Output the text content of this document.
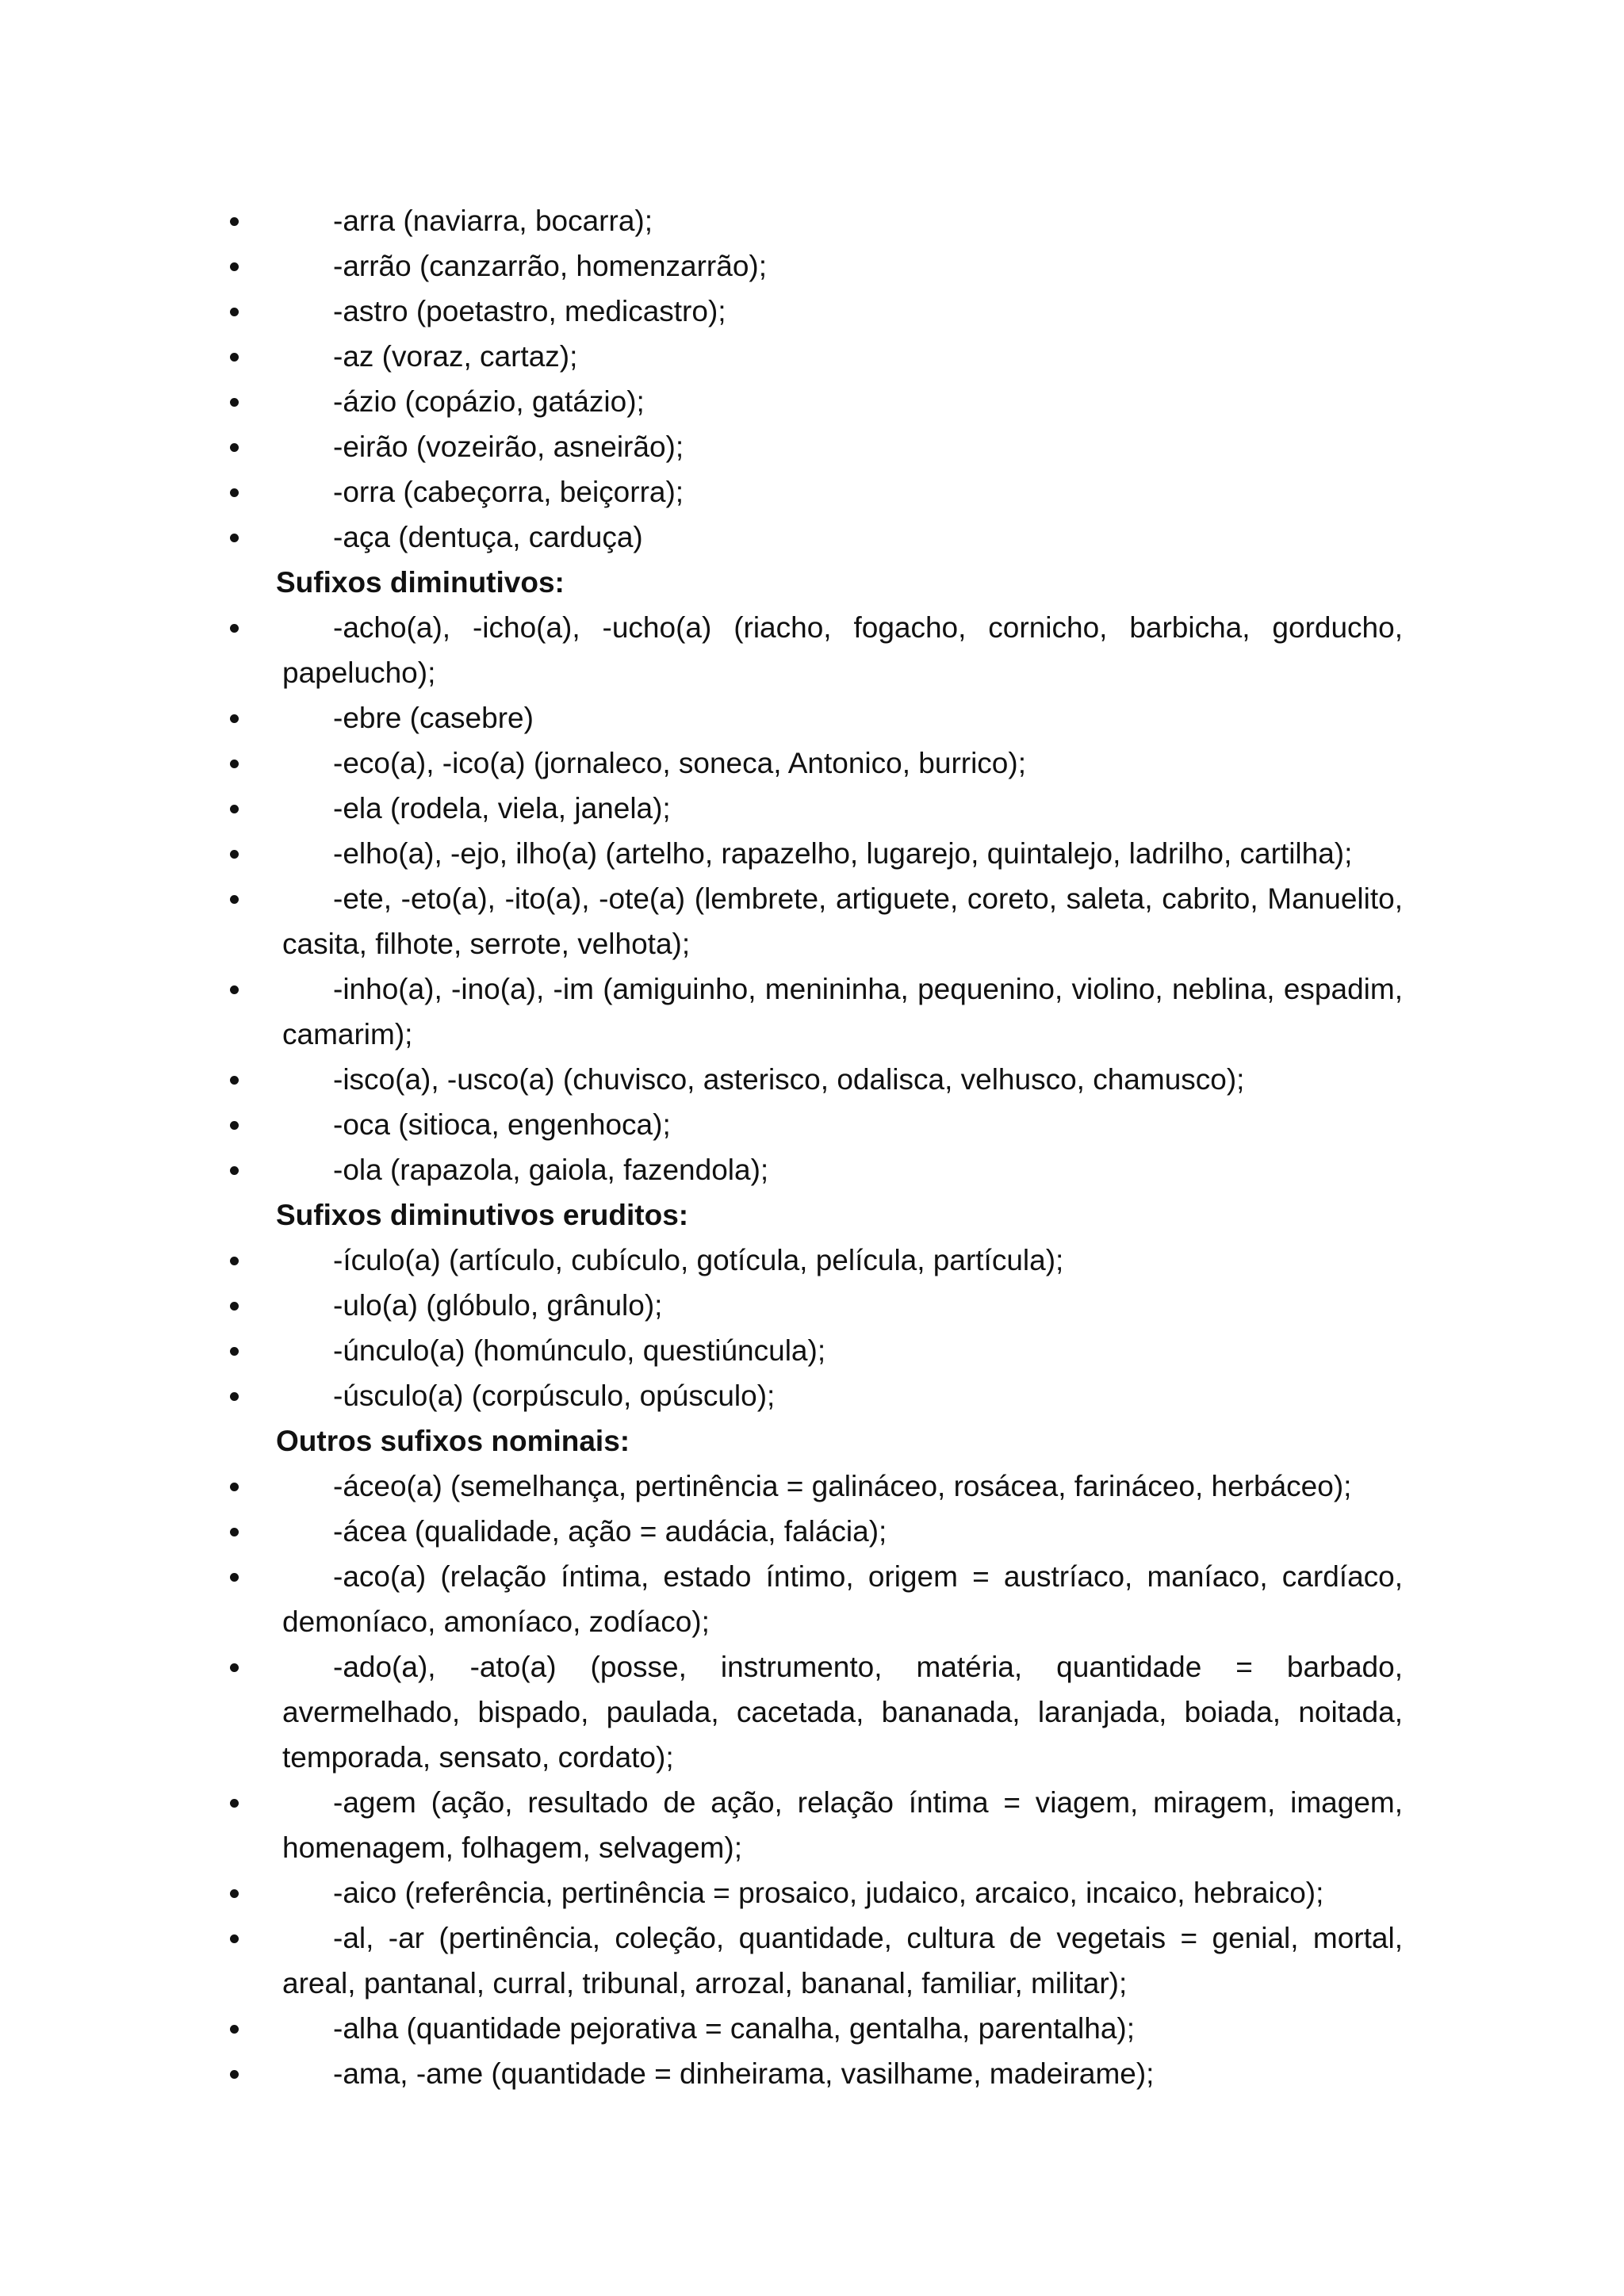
-arra (naviarra, bocarra);
-arrão (canzarrão, homenzarrão);
-astro (poetastro, medicastro);
-az (voraz, cartaz);
-ázio (copázio, gatázio);
-eirão (vozeirão, asneirão);
-orra (cabeçorra, beiçorra);
-aça (dentuça, carduça)
Sufixos diminutivos:
-acho(a), -icho(a), -ucho(a) (riacho, fogacho, cornicho, barbicha, gorducho, papelucho);
-ebre (casebre)
-eco(a), -ico(a) (jornaleco, soneca, Antonico, burrico);
-ela (rodela, viela, janela);
-elho(a), -ejo, ilho(a) (artelho, rapazelho, lugarejo, quintalejo, ladrilho, cartilha);
-ete, -eto(a), -ito(a), -ote(a) (lembrete, artiguete, coreto, saleta, cabrito, Manuelito, casita, filhote, serrote, velhota);
-inho(a), -ino(a), -im (amiguinho, menininha, pequenino, violino, neblina, espadim, camarim);
-isco(a), -usco(a) (chuvisco, asterisco, odalisca, velhusco, chamusco);
-oca (sitioca, engenhoca);
-ola (rapazola, gaiola, fazendola);
Sufixos diminutivos eruditos:
-ículo(a) (artículo, cubículo, gotícula, película, partícula);
-ulo(a) (glóbulo, grânulo);
-únculo(a) (homúnculo, questiúncula);
-úsculo(a) (corpúsculo, opúsculo);
Outros sufixos nominais:
-áceo(a) (semelhança, pertinência = galináceo, rosácea, farináceo, herbáceo);
-ácea (qualidade, ação = audácia, falácia);
-aco(a) (relação íntima, estado íntimo, origem = austríaco, maníaco, cardíaco, demoníaco, amoníaco, zodíaco);
-ado(a), -ato(a) (posse, instrumento, matéria, quantidade = barbado, avermelhado, bispado, paulada, cacetada, bananada, laranjada, boiada, noitada, temporada, sensato, cordato);
-agem (ação, resultado de ação, relação íntima = viagem, miragem, imagem, homenagem, folhagem, selvagem);
-aico (referência, pertinência = prosaico, judaico, arcaico, incaico, hebraico);
-al, -ar (pertinência, coleção, quantidade, cultura de vegetais = genial, mortal, areal, pantanal, curral, tribunal, arrozal, bananal, familiar, militar);
-alha (quantidade pejorativa = canalha, gentalha, parentalha);
-ama, -ame (quantidade = dinheirama, vasilhame, madeirame);
